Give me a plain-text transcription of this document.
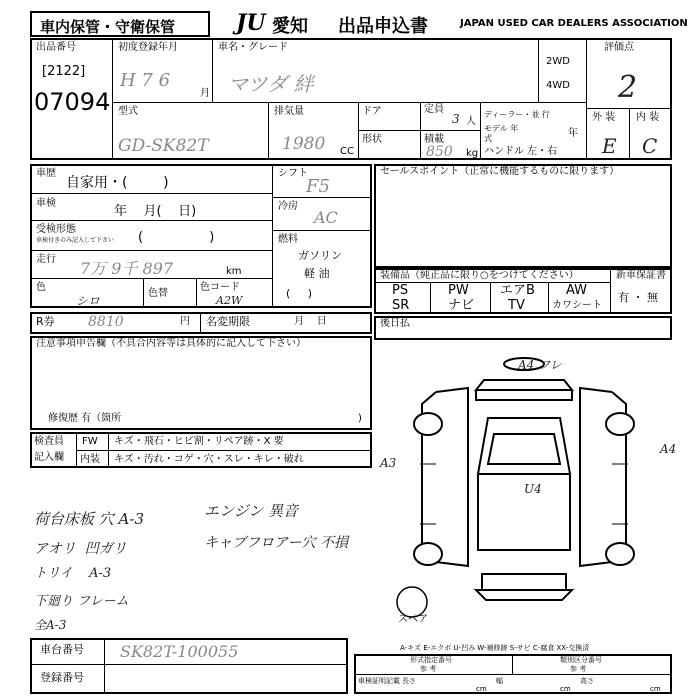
車内保管・守衛保管	JU 愛知 出品申込書	JAPAN USED CAR DEALERS ASSOCIATION
出品番号
[2122]
07094
初度登録年月
H 7 6
月
車名・グレード
マツダ 絆
2WD
4WD
評価点
2
型式
GD-SK82T
排気量
1980 CC
ドア
形状
定員
3 人
積載
850 kg
ディーラー・並 行
モデル 年式	年
ハンドル 左・右
外 装 内 装
E C
車歴
自家用・(        )
車検
年    月(    日)
受検形態
車検付きのみ記入して下さい (                )
走行 7万 9千 897	km
色
シロ
色替
色コード
A2W
シフト
F5
冷房
AC
燃料
ガソリン
軽 油
(     )
セールスポイント（正常に機能するものに限ります）
装備品（純正品に限り○をつけてください）
PS	PW エアB AW
SR	ナビ	TV	カワシート
新車保証書
有 ・ 無
R券 8810	円 名変期限	月    日
注意事項申告欄（不具合内容等は具体的に記入して下さい）
修復歴 有（箇所	)
後日払
検査員
記入欄
FW キズ・飛石・ヒビ割・リペア跡・X 要
内装 キズ・汚れ・コゲ・穴・スレ・キレ・破れ
荷台床板 穴 A-3	エンジン 異音
アオリ  凹ガリ	キャブフロアー穴 不損
トリイ    A-3
下廻り フレーム
全A-3
A4 フレ
A4
A3
U4
スペア
A-キズ E-エクボ U-凹み W-補修跡 S-サビ C-腐食 XX-交換済
車台番号 SK82T-100055
登録番号
形式指定番号
参 考
類別区分番号
参 考
車検証明記載 長さ
cm
幅
cm
高さ
cm
